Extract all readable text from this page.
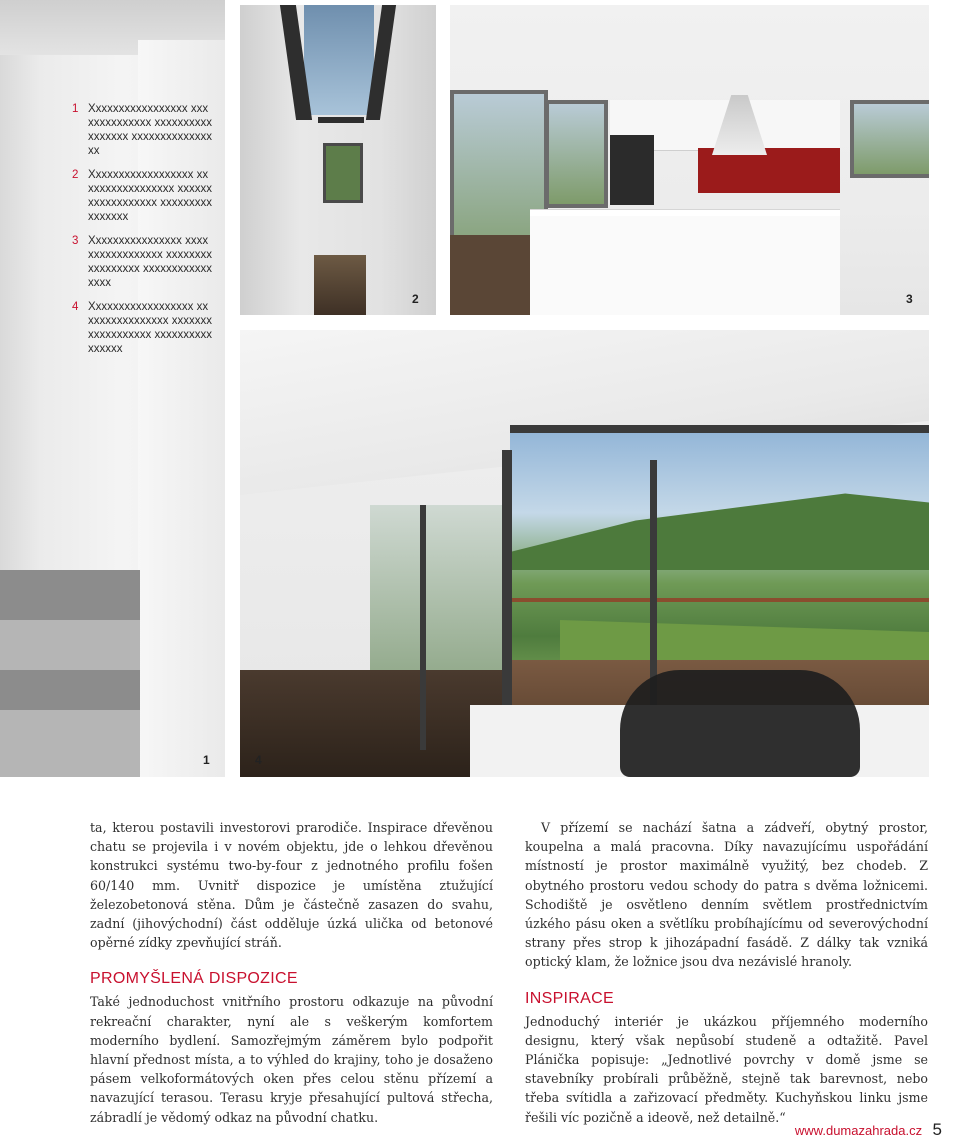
1 Xxxxxxxxxxxxxxxxx xxxxxxxxxxxxxx xxxxxxxxxxxxxxxxx xxxxxxxxxxxxxxxx
2 Xxxxxxxxxxxxxxxxxx xxxxxxxxxxxxxxxxx xxxxxxxxxxxxxxxxxx xxxxxxxxxxxxxxxx
3 Xxxxxxxxxxxxxxxx xxxxxxxxxxxxxxxxx xxxxxxxxxxxxxxxxx xxxxxxxxxxxxxxxx
4 Xxxxxxxxxxxxxxxxxx xxxxxxxxxxxxxxxx xxxxxxxxxxxxxxxxxx xxxxxxxxxxxxxxxx
1
2	3
4

ta, kterou postavili investorovi prarodiče. Inspirace dřevěnou chatu se projevila i v novém objektu, jde o lehkou dřevěnou konstrukci systému two-by-four z jednotného profilu fošen 60/140 mm. Uvnitř dispozice je umístěna ztužující železobetonová stěna. Dům je částečně zasazen do svahu, zadní (jihovýchodní) část odděluje úzká ulička od betonové opěrné zídky zpevňující stráň.

PROMYŠLENÁ DISPOZICE

Také jednoduchost vnitřního prostoru odkazuje na původní rekreační charakter, nyní ale s veškerým komfortem moderního bydlení. Samozřejmým záměrem bylo podpořit hlavní přednost místa, a to výhled do krajiny, toho je dosaženo pásem velkoformátových oken přes celou stěnu přízemí a navazující terasou. Terasu kryje přesahující pultová střecha, zábradlí je vědomý odkaz na původní chatku.

V přízemí se nachází šatna a zádveří, obytný prostor, koupelna a malá pracovna. Díky navazujícímu uspořádání místností je prostor maximálně využitý, bez chodeb. Z obytného prostoru vedou schody do patra s dvěma ložnicemi. Schodiště je osvětleno denním světlem prostřednictvím úzkého pásu oken a světlíku probíhajícímu od severovýchodní strany přes strop k jihozápadní fasádě. Z dálky tak vzniká optický klam, že ložnice jsou dva nezávislé hranoly.

INSPIRACE

Jednoduchý interiér je ukázkou příjemného moderního designu, který však nepůsobí studeně a odtažitě. Pavel Plánička popisuje: „Jednotlivé povrchy v domě jsme se stavebníky probírali průběžně, stejně tak barevnost, nebo třeba svítidla a zařizovací předměty. Kuchyňskou linku jsme řešili víc pozičně a ideově, než detailně.“

www.dumazahrada.cz 5
